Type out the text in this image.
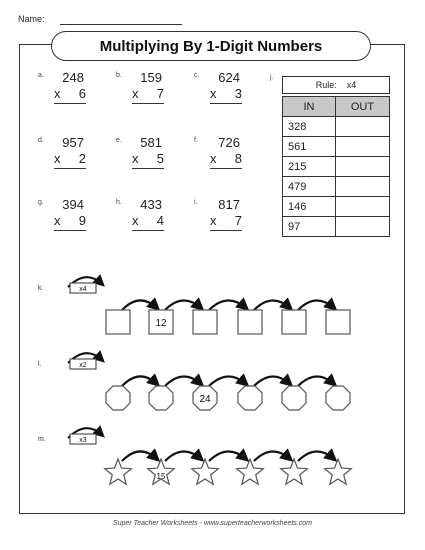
Name:
Multiplying By 1-Digit Numbers
a.	248
x 6
b.	159
x 7
c.	624
x 3
d.	957
x 2
e.	581
x 5
f.	726
x 8
g.	394
x 9
h.	433
x 4
i.	817
x 7
j.
Rule: x4
IN	OUT
328	
561	
215	
479	
146	
97	
k.	x4
12
l.	x2
24
m.	x3
15
Super Teacher Worksheets - www.superteacherworksheets.com
